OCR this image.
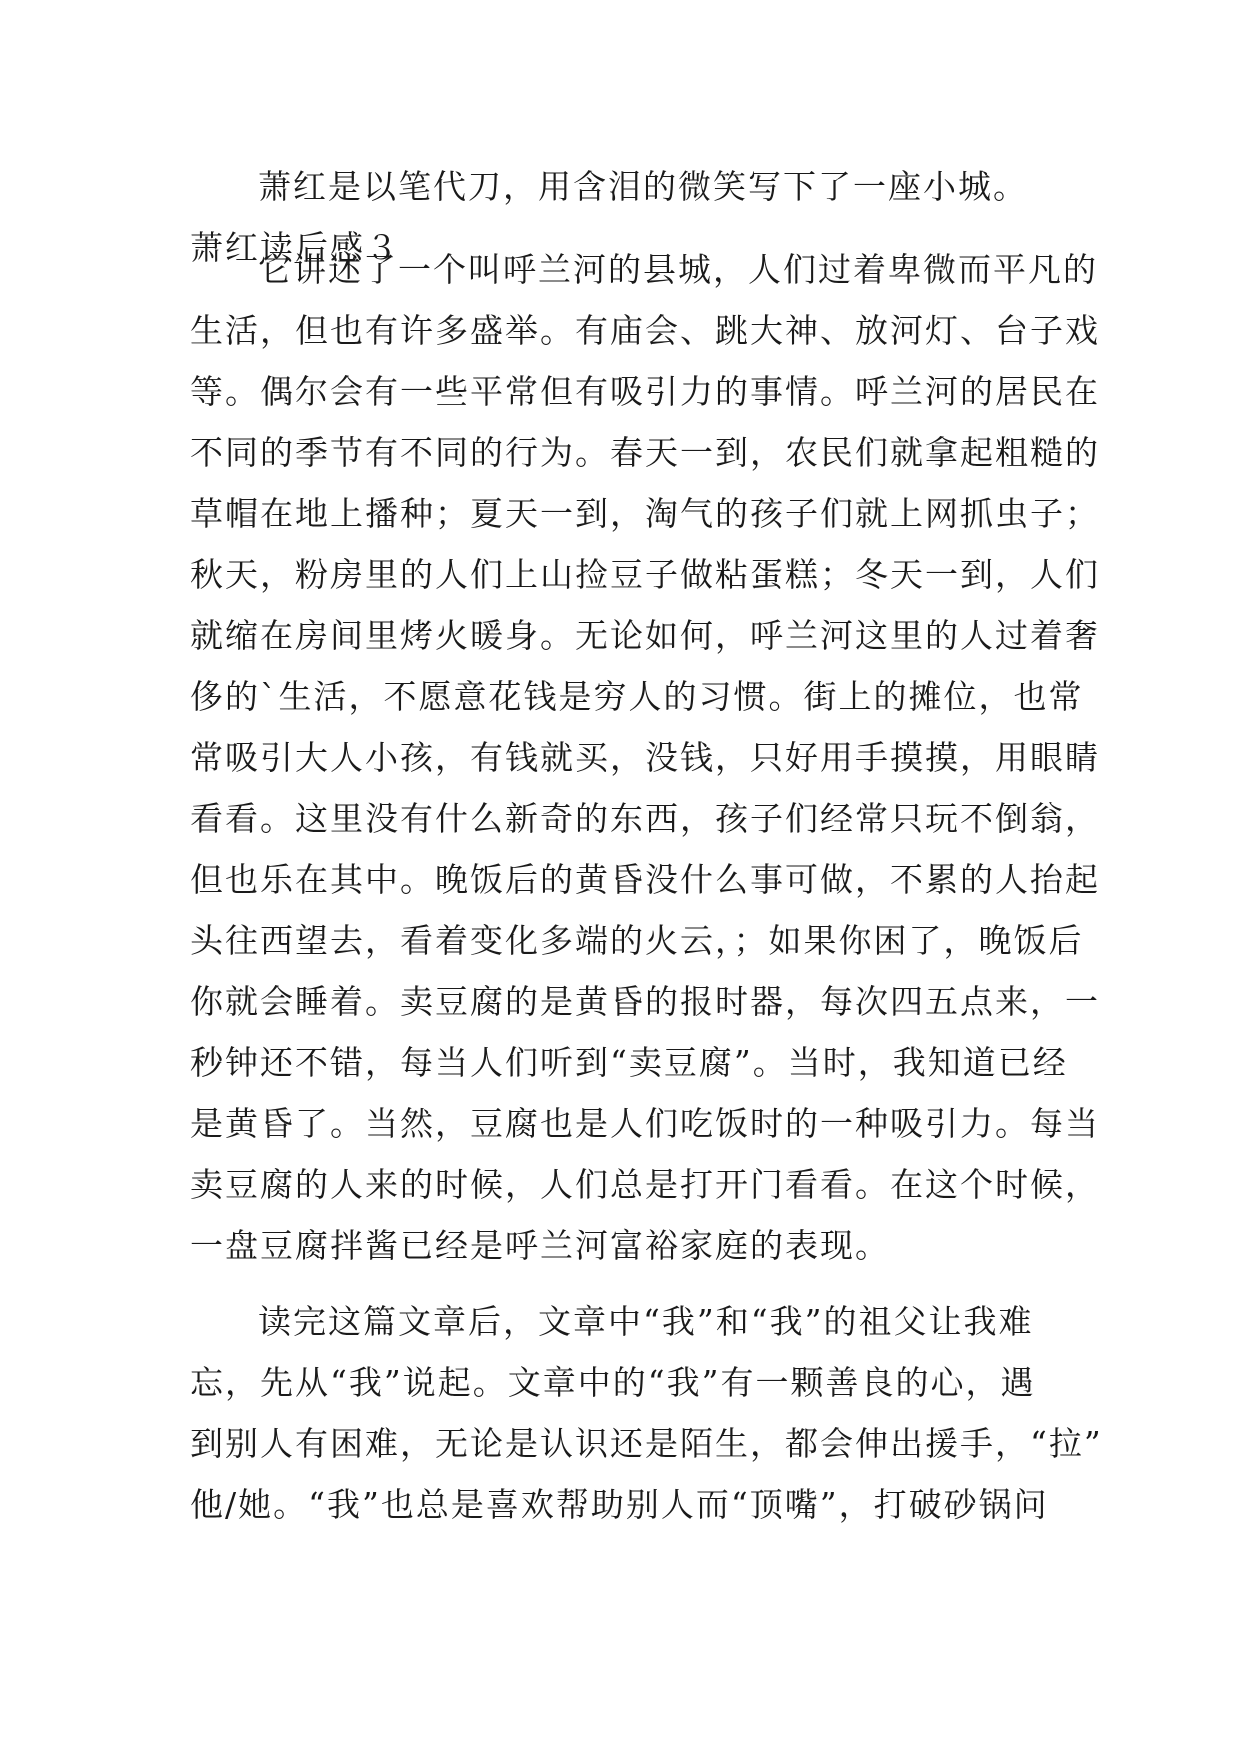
萧红是以笔代刀，用含泪的微笑写下了一座小城。
萧红读后感３
它讲述了一个叫呼兰河的县城，人们过着卑微而平凡的
生活，但也有许多盛举。有庙会、跳大神、放河灯、台子戏
等。偶尔会有一些平常但有吸引力的事情。呼兰河的居民在
不同的季节有不同的行为。春天一到，农民们就拿起粗糙的
草帽在地上播种；夏天一到，淘气的孩子们就上网抓虫子；
秋天，粉房里的人们上山捡豆子做粘蛋糕；冬天一到，人们
就缩在房间里烤火暖身。无论如何，呼兰河这里的人过着奢
侈的`生活，不愿意花钱是穷人的习惯。街上的摊位，也常
常吸引大人小孩，有钱就买，没钱，只好用手摸摸，用眼睛
看看。这里没有什么新奇的东西，孩子们经常只玩不倒翁，
但也乐在其中。晚饭后的黄昏没什么事可做，不累的人抬起
头往西望去，看着变化多端的火云，；如果你困了，晚饭后
你就会睡着。卖豆腐的是黄昏的报时器，每次四五点来，一
秒钟还不错，每当人们听到“卖豆腐”。当时，我知道已经
是黄昏了。当然，豆腐也是人们吃饭时的一种吸引力。每当
卖豆腐的人来的时候，人们总是打开门看看。在这个时候，
一盘豆腐拌酱已经是呼兰河富裕家庭的表现。
读完这篇文章后，文章中“我”和“我”的祖父让我难
忘，先从“我”说起。文章中的“我”有一颗善良的心，遇
到别人有困难，无论是认识还是陌生，都会伸出援手，“拉”
他/她。“我”也总是喜欢帮助别人而“顶嘴”，打破砂锅问
